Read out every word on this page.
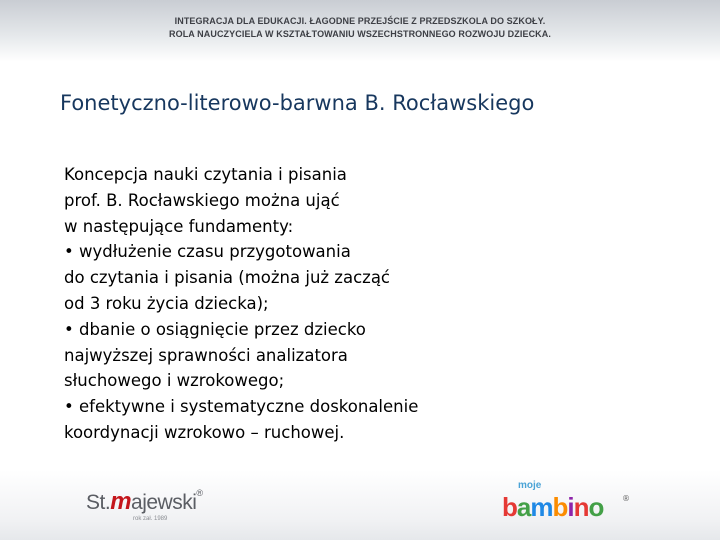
INTEGRACJA DLA EDUKACJI. ŁAGODNE PRZEJŚCIE Z PRZEDSZKOLA DO SZKOŁY.
ROLA NAUCZYCIELA W KSZTAŁTOWANIU WSZECHSTRONNEGO ROZWOJU DZIECKA.
Fonetyczno-literowo-barwna B. Rocławskiego
Koncepcja nauki czytania i pisania
prof. B. Rocławskiego można ująć
w następujące fundamenty:
• wydłużenie czasu przygotowania
do czytania i pisania (można już zacząć
od 3 roku życia dziecka);
• dbanie o osiągnięcie przez dziecko
najwyższej sprawności analizatora
słuchowego i wzrokowego;
• efektywne i systematyczne doskonalenie
koordynacji wzrokowo – ruchowej.
St.majewski®
rok zał. 1989
moje
bambino ®
